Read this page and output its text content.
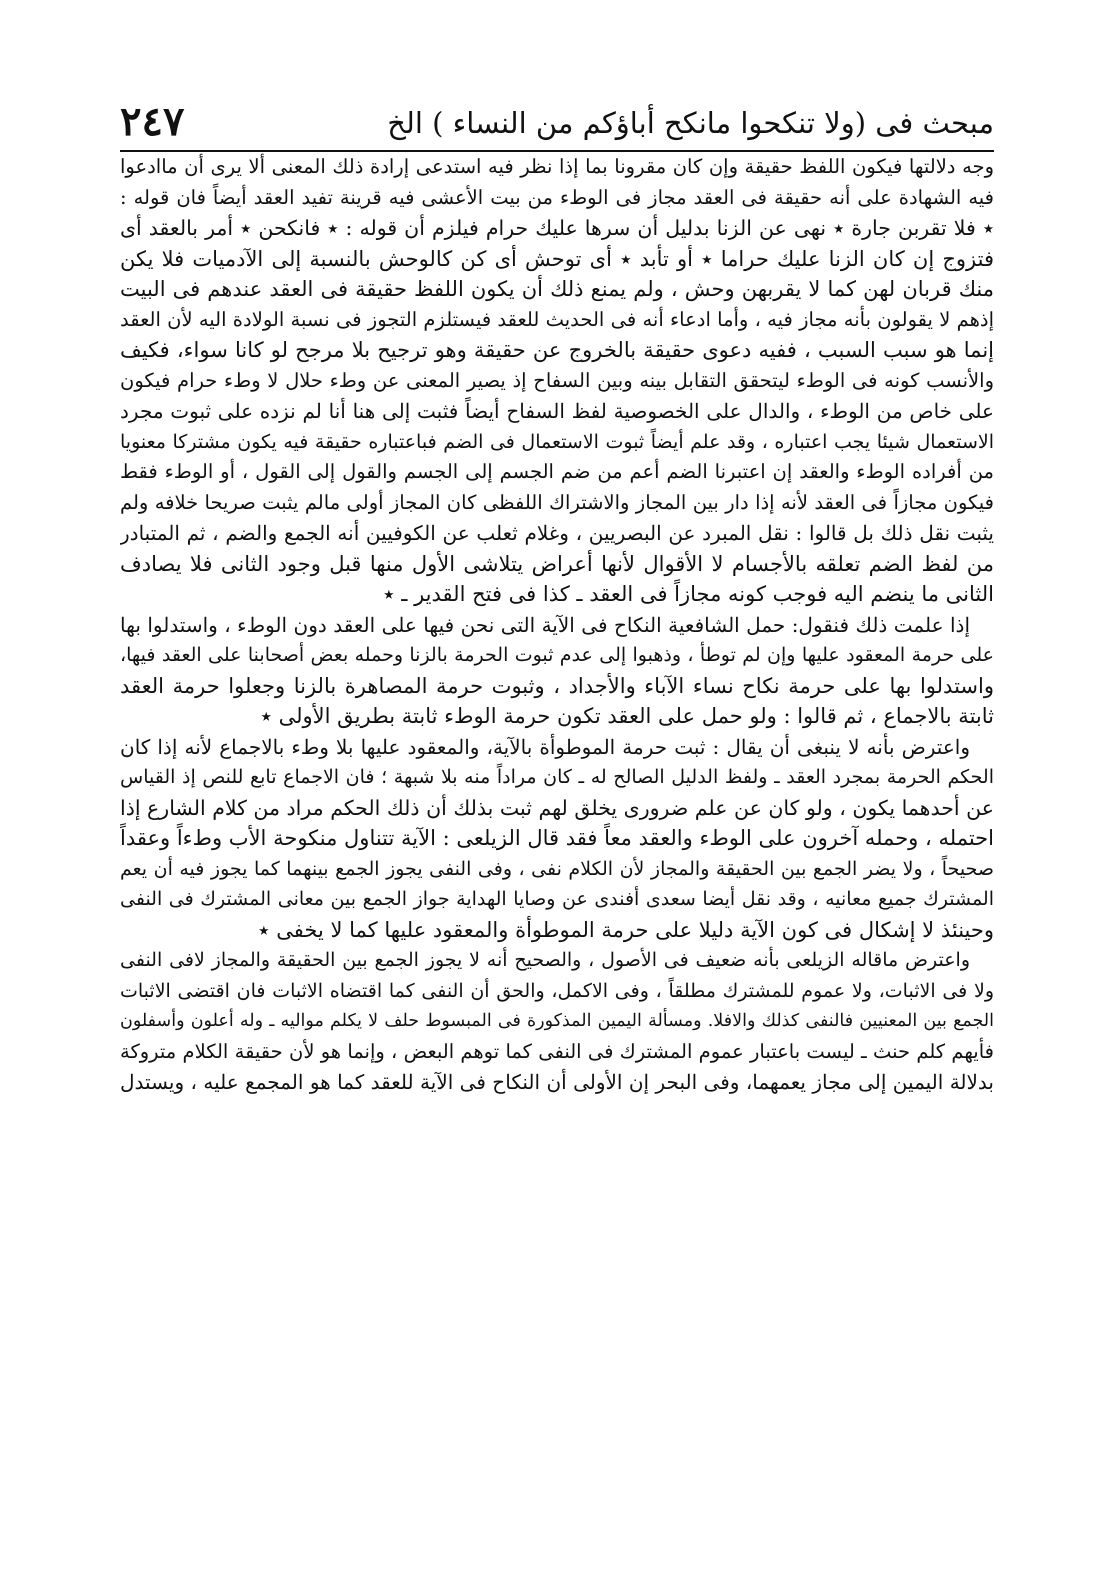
مبحث فى (ولا تنكحوا مانكح أباؤكم من النساء ) الخ
٢٤٧
وجه دلالتها فيكون اللفظ حقيقة وإن كان مقرونا بما إذا نظر فيه استدعى إرادة ذلك المعنى ألا يرى أن ماادعوا
فيه الشهادة على أنه حقيقة فى العقد مجاز فى الوطء من بيت الأعشى فيه قرينة تفيد العقد أيضاً فان قوله :
٭ فلا تقربن جارة ٭ نهى عن الزنا بدليل أن سرها عليك حرام فيلزم أن قوله : ٭ فانكحن ٭ أمر بالعقد أى
فتزوج إن كان الزنا عليك حراما ٭ أو تأبد ٭ أى توحش أى كن كالوحش بالنسبة إلى الآدميات فلا يكن
منك قربان لهن كما لا يقربهن وحش ، ولم يمنع ذلك أن يكون اللفظ حقيقة فى العقد عندهم فى البيت
إذهم لا يقولون بأنه مجاز فيه ، وأما ادعاء أنه فى الحديث للعقد فيستلزم التجوز فى نسبة الولادة اليه لأن العقد
إنما هو سبب السبب ، ففيه دعوى حقيقة بالخروج عن حقيقة وهو ترجيح بلا مرجح لو كانا سواء، فكيف
والأنسب كونه فى الوطء ليتحقق التقابل بينه وبين السفاح إذ يصير المعنى عن وطء حلال لا وطء حرام فيكون
على خاص من الوطء ، والدال على الخصوصية لفظ السفاح أيضاً فثبت إلى هنا أنا لم نزده على ثبوت مجرد
الاستعمال شيئا يجب اعتباره ، وقد علم أيضاً ثبوت الاستعمال فى الضم فباعتباره حقيقة فيه يكون مشتركا معنويا
من أفراده الوطء والعقد إن اعتبرنا الضم أعم من ضم الجسم إلى الجسم والقول إلى القول ، أو الوطء فقط
فيكون مجازاً فى العقد لأنه إذا دار بين المجاز والاشتراك اللفظى كان المجاز أولى مالم يثبت صريحا خلافه ولم
يثبت نقل ذلك بل قالوا : نقل المبرد عن البصريين ، وغلام ثعلب عن الكوفيين أنه الجمع والضم ، ثم المتبادر
من لفظ الضم تعلقه بالأجسام لا الأقوال لأنها أعراض يتلاشى الأول منها قبل وجود الثانى فلا يصادف
الثانى ما ينضم اليه فوجب كونه مجازاً فى العقد ـ كذا فى فتح القدير ـ ٭
إذا علمت ذلك فنقول: حمل الشافعية النكاح فى الآية التى نحن فيها على العقد دون الوطء ، واستدلوا بها
على حرمة المعقود عليها وإن لم توطأ ، وذهبوا إلى عدم ثبوت الحرمة بالزنا وحمله بعض أصحابنا على العقد فيها،
واستدلوا بها على حرمة نكاح نساء الآباء والأجداد ، وثبوت حرمة المصاهرة بالزنا وجعلوا حرمة العقد
ثابتة بالاجماع ، ثم قالوا : ولو حمل على العقد تكون حرمة الوطء ثابتة بطريق الأولى ٭
واعترض بأنه لا ينبغى أن يقال : ثبت حرمة الموطوأة بالآية، والمعقود عليها بلا وطء بالاجماع لأنه إذا كان
الحكم الحرمة بمجرد العقد ـ ولفظ الدليل الصالح له ـ كان مراداً منه بلا شبهة ؛ فان الاجماع تابع للنص إذ القياس
عن أحدهما يكون ، ولو كان عن علم ضرورى يخلق لهم ثبت بذلك أن ذلك الحكم مراد من كلام الشارع إذا
احتمله ، وحمله آخرون على الوطء والعقد معاً فقد قال الزيلعى : الآية تتناول منكوحة الأب وطءاً وعقداً
صحيحاً ، ولا يضر الجمع بين الحقيقة والمجاز لأن الكلام نفى ، وفى النفى يجوز الجمع بينهما كما يجوز فيه أن يعم
المشترك جميع معانيه ، وقد نقل أيضا سعدى أفندى عن وصايا الهداية جواز الجمع بين معانى المشترك فى النفى
وحينئذ لا إشكال فى كون الآية دليلا على حرمة الموطوأة والمعقود عليها كما لا يخفى ٭
واعترض ماقاله الزيلعى بأنه ضعيف فى الأصول ، والصحيح أنه لا يجوز الجمع بين الحقيقة والمجاز لافى النفى
ولا فى الاثبات، ولا عموم للمشترك مطلقاً ، وفى الاكمل، والحق أن النفى كما اقتضاه الاثبات فان اقتضى الاثبات
الجمع بين المعنيين فالنفى كذلك والافلا. ومسألة اليمين المذكورة فى المبسوط حلف لا يكلم مواليه ـ وله أعلون وأسفلون
فأيهم كلم حنث ـ ليست باعتبار عموم المشترك فى النفى كما توهم البعض ، وإنما هو لأن حقيقة الكلام متروكة
بدلالة اليمين إلى مجاز يعمهما، وفى البحر إن الأولى أن النكاح فى الآية للعقد كما هو المجمع عليه ، ويستدل
